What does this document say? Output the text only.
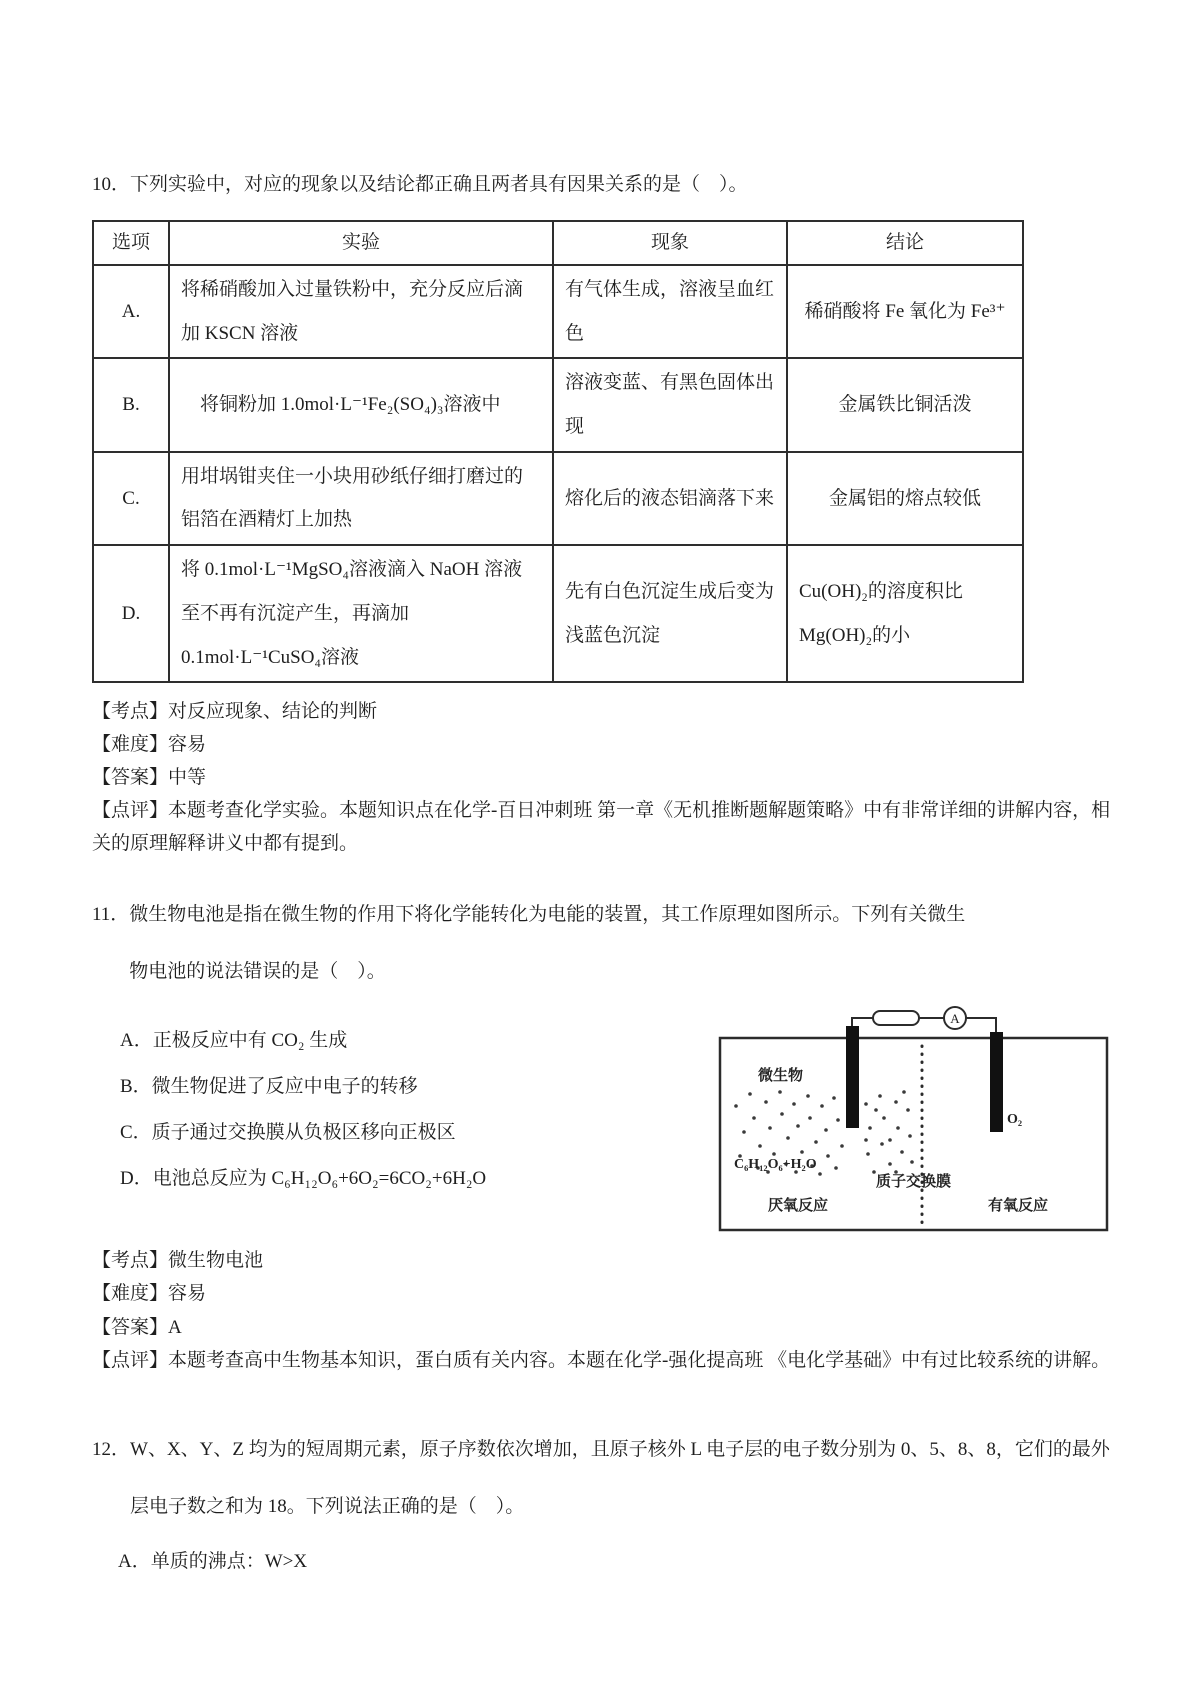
10． 下列实验中，对应的现象以及结论都正确且两者具有因果关系的是（　）。
选项	实验	现象	结论
A.	将稀硝酸加入过量铁粉中，充分反应后滴加 KSCN 溶液	有气体生成，溶液呈血红色	稀硝酸将 Fe 氧化为 Fe³⁺
B.	　将铜粉加 1.0mol·L⁻¹Fe₂(SO₄)₃溶液中	溶液变蓝、有黑色固体出现	金属铁比铜活泼
C.	用坩埚钳夹住一小块用砂纸仔细打磨过的铝箔在酒精灯上加热	熔化后的液态铝滴落下来	金属铝的熔点较低
D.	将 0.1mol·L⁻¹MgSO₄溶液滴入 NaOH 溶液至不再有沉淀产生，再滴加 0.1mol·L⁻¹CuSO₄溶液	先有白色沉淀生成后变为浅蓝色沉淀	Cu(OH)₂的溶度积比Mg(OH)₂的小
【考点】对反应现象、结论的判断
【难度】容易
【答案】中等
【点评】本题考查化学实验。本题知识点在化学-百日冲刺班 第一章《无机推断题解题策略》中有非常详细的讲解内容，相关的原理解释讲义中都有提到。
11． 微生物电池是指在微生物的作用下将化学能转化为电能的装置，其工作原理如图所示。下列有关微生物电池的说法错误的是（　）。
A．正极反应中有 CO₂ 生成
B．微生物促进了反应中电子的转移
C．质子通过交换膜从负极区移向正极区
D．电池总反应为 C₆H₁₂O₆+6O₂=6CO₂+6H₂O
A
微生物
C₆H₁₂O₆+H₂O
质子交换膜
厌氧反应	有氧反应
O₂
【考点】微生物电池
【难度】容易
【答案】A
【点评】本题考查高中生物基本知识，蛋白质有关内容。本题在化学-强化提高班 《电化学基础》中有过比较系统的讲解。
12． W、X、Y、Z 均为的短周期元素，原子序数依次增加，且原子核外 L 电子层的电子数分别为 0、5、8、8，它们的最外层电子数之和为 18。下列说法正确的是（　）。
A．单质的沸点：W>X
